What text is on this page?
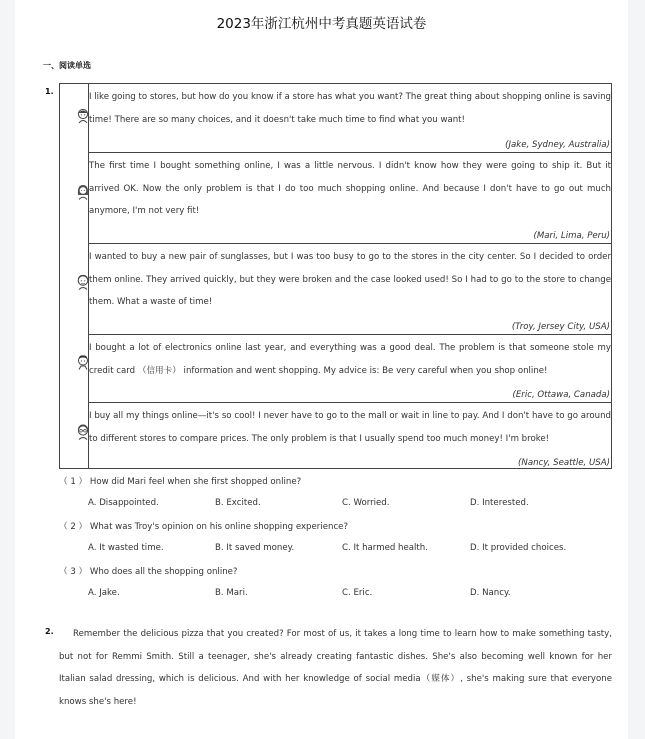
2023年浙江杭州中考真题英语试卷
一、阅读单选
1.
I like going to stores, but how do you know if a store has what you want? The great thing about shopping online is saving time! There are so many choices, and it doesn't take much time to find what you want!
(Jake, Sydney, Australia)
The first time I bought something online, I was a little nervous. I didn't know how they were going to ship it. But it arrived OK. Now the only problem is that I do too much shopping online. And because I don't have to go out much anymore, I'm not very fit!
(Mari, Lima, Peru)
I wanted to buy a new pair of sunglasses, but I was too busy to go to the stores in the city center. So I decided to order them online. They arrived quickly, but they were broken and the case looked used! So I had to go to the store to change them. What a waste of time!
(Troy, Jersey City, USA)
I bought a lot of electronics online last year, and everything was a good deal. The problem is that someone stole my credit card （信用卡） information and went shopping. My advice is: Be very careful when you shop online!
(Eric, Ottawa, Canada)
I buy all my things online—it's so cool! I never have to go to the mall or wait in line to pay. And I don't have to go around to different stores to compare prices. The only problem is that I usually spend too much money! I'm broke!
(Nancy, Seattle, USA)
（ 1 ） How did Mari feel when she first shopped online?
A. Disappointed.	B. Excited.	C. Worried.	D. Interested.
（ 2 ） What was Troy's opinion on his online shopping experience?
A. It wasted time.	B. It saved money.	C. It harmed health.	D. It provided choices.
（ 3 ） Who does all the shopping online?
A. Jake.	B. Mari.	C. Eric.	D. Nancy.
2.	Remember the delicious pizza that you created? For most of us, it takes a long time to learn how to make something tasty, but not for Remmi Smith. Still a teenager, she's already creating fantastic dishes. She's also becoming well known for her Italian salad dressing, which is delicious. And with her knowledge of social media（媒体）, she's making sure that everyone knows she's here!
